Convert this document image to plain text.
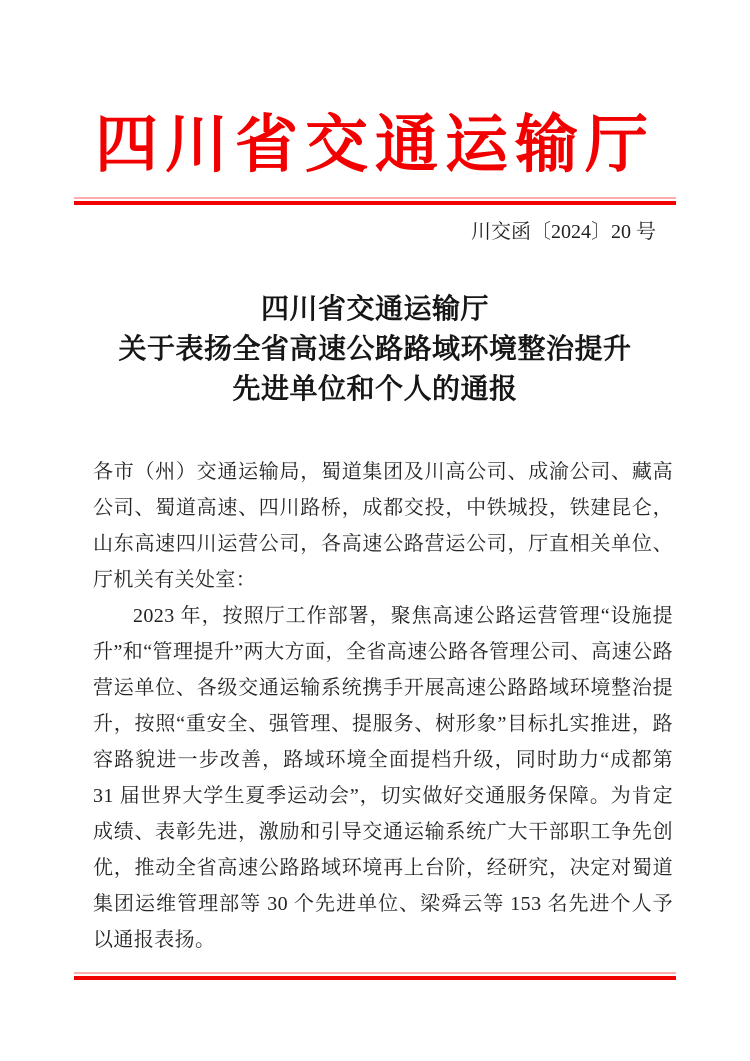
四川省交通运输厅
川交函〔2024〕20 号
四川省交通运输厅
关于表扬全省高速公路路域环境整治提升
先进单位和个人的通报

各市（州）交通运输局，蜀道集团及川高公司、成渝公司、藏高公司、蜀道高速、四川路桥，成都交投，中铁城投，铁建昆仑，山东高速四川运营公司，各高速公路营运公司，厅直相关单位、厅机关有关处室：

2023 年，按照厅工作部署，聚焦高速公路运营管理“设施提升”和“管理提升”两大方面，全省高速公路各管理公司、高速公路营运单位、各级交通运输系统携手开展高速公路路域环境整治提升，按照“重安全、强管理、提服务、树形象”目标扎实推进，路容路貌进一步改善，路域环境全面提档升级，同时助力“成都第 31 届世界大学生夏季运动会”，切实做好交通服务保障。为肯定成绩、表彰先进，激励和引导交通运输系统广大干部职工争先创优，推动全省高速公路路域环境再上台阶，经研究，决定对蜀道集团运维管理部等 30 个先进单位、梁舜云等 153 名先进个人予以通报表扬。
